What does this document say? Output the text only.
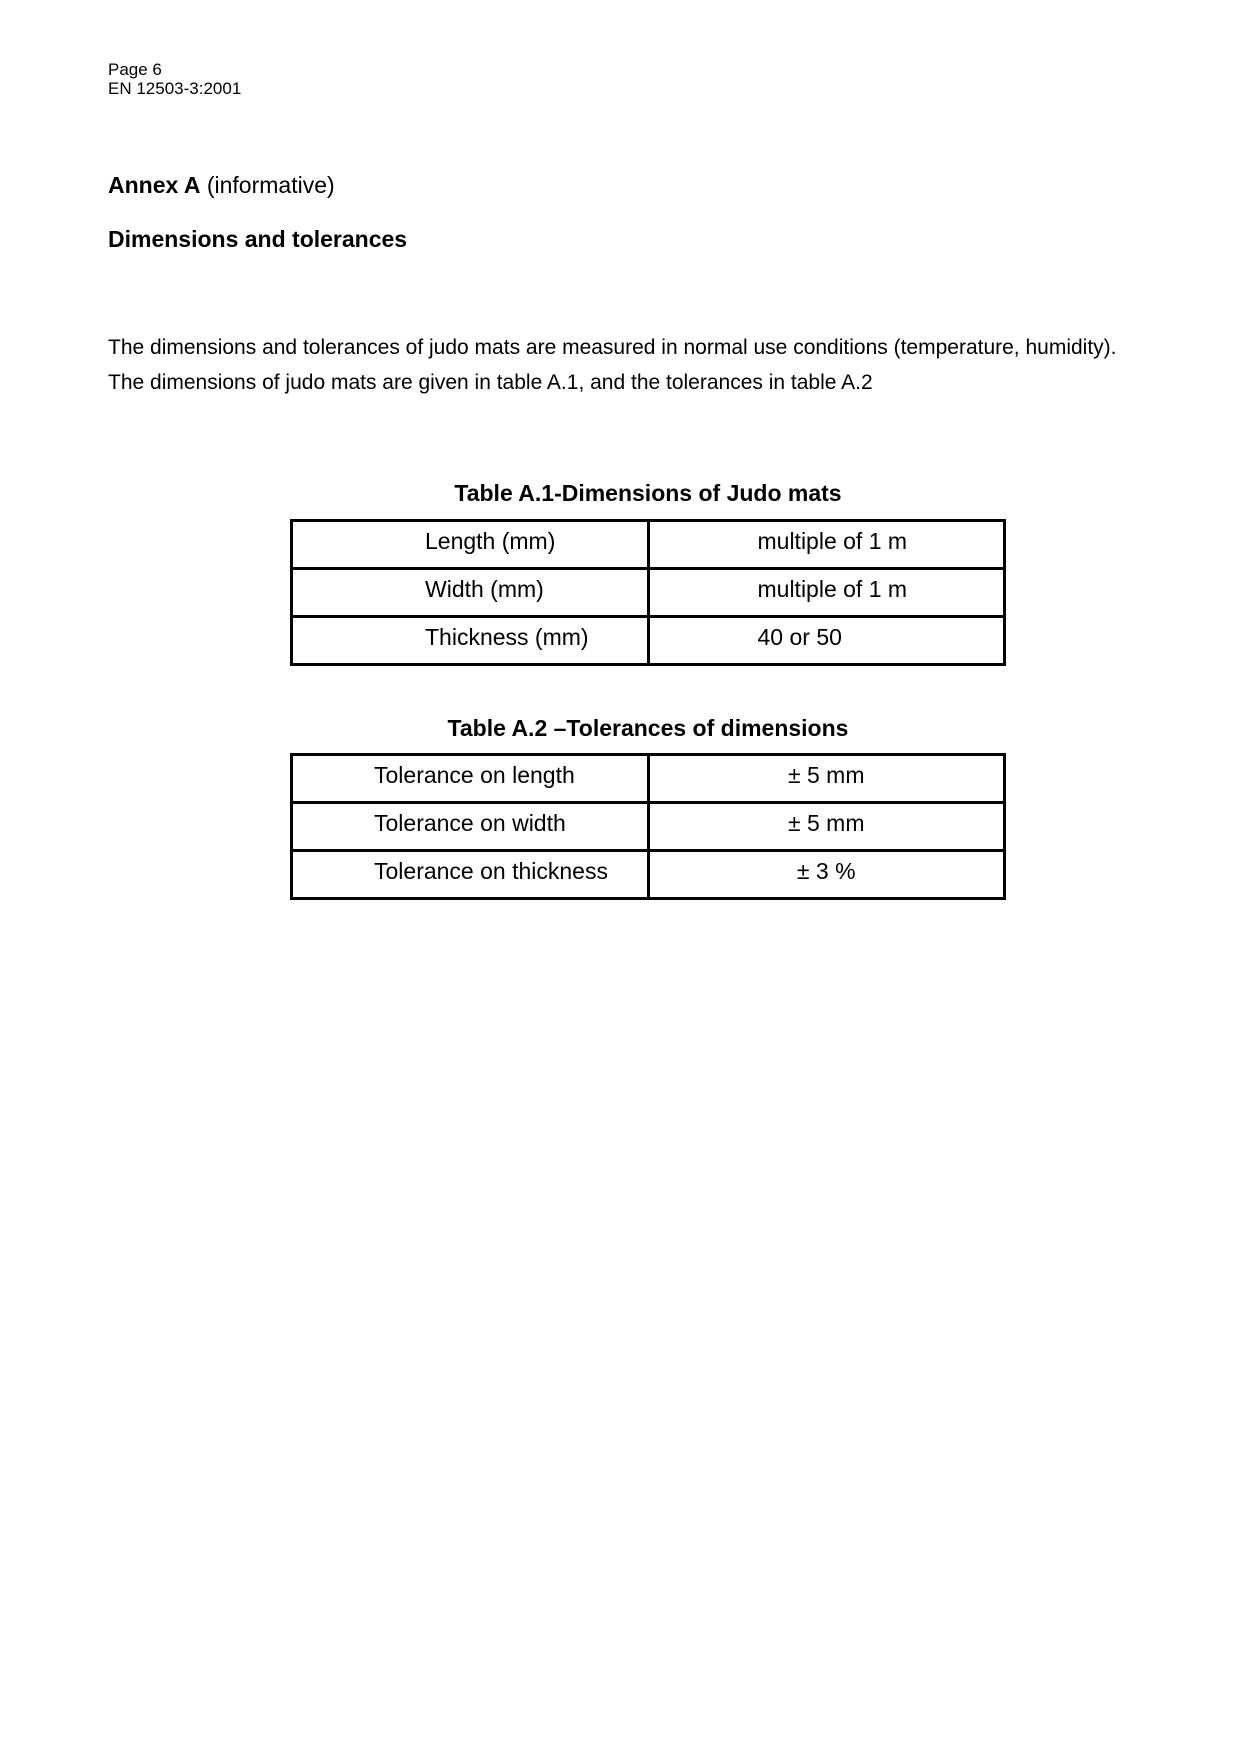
Page 6
EN 12503-3:2001
Annex A (informative)
Dimensions and tolerances

The dimensions and tolerances of judo mats are measured in normal use conditions (temperature, humidity).

The dimensions of judo mats are given in table A.1, and the tolerances in table A.2

Table A.1-Dimensions of Judo mats
Length (mm)	multiple of 1 m

Width (mm)	multiple of 1 m

Thickness (mm)	40 or 50
Table A.2 –Tolerances of dimensions
Tolerance on length	± 5 mm

Tolerance on width	± 5 mm

Tolerance on thickness	± 3 %
